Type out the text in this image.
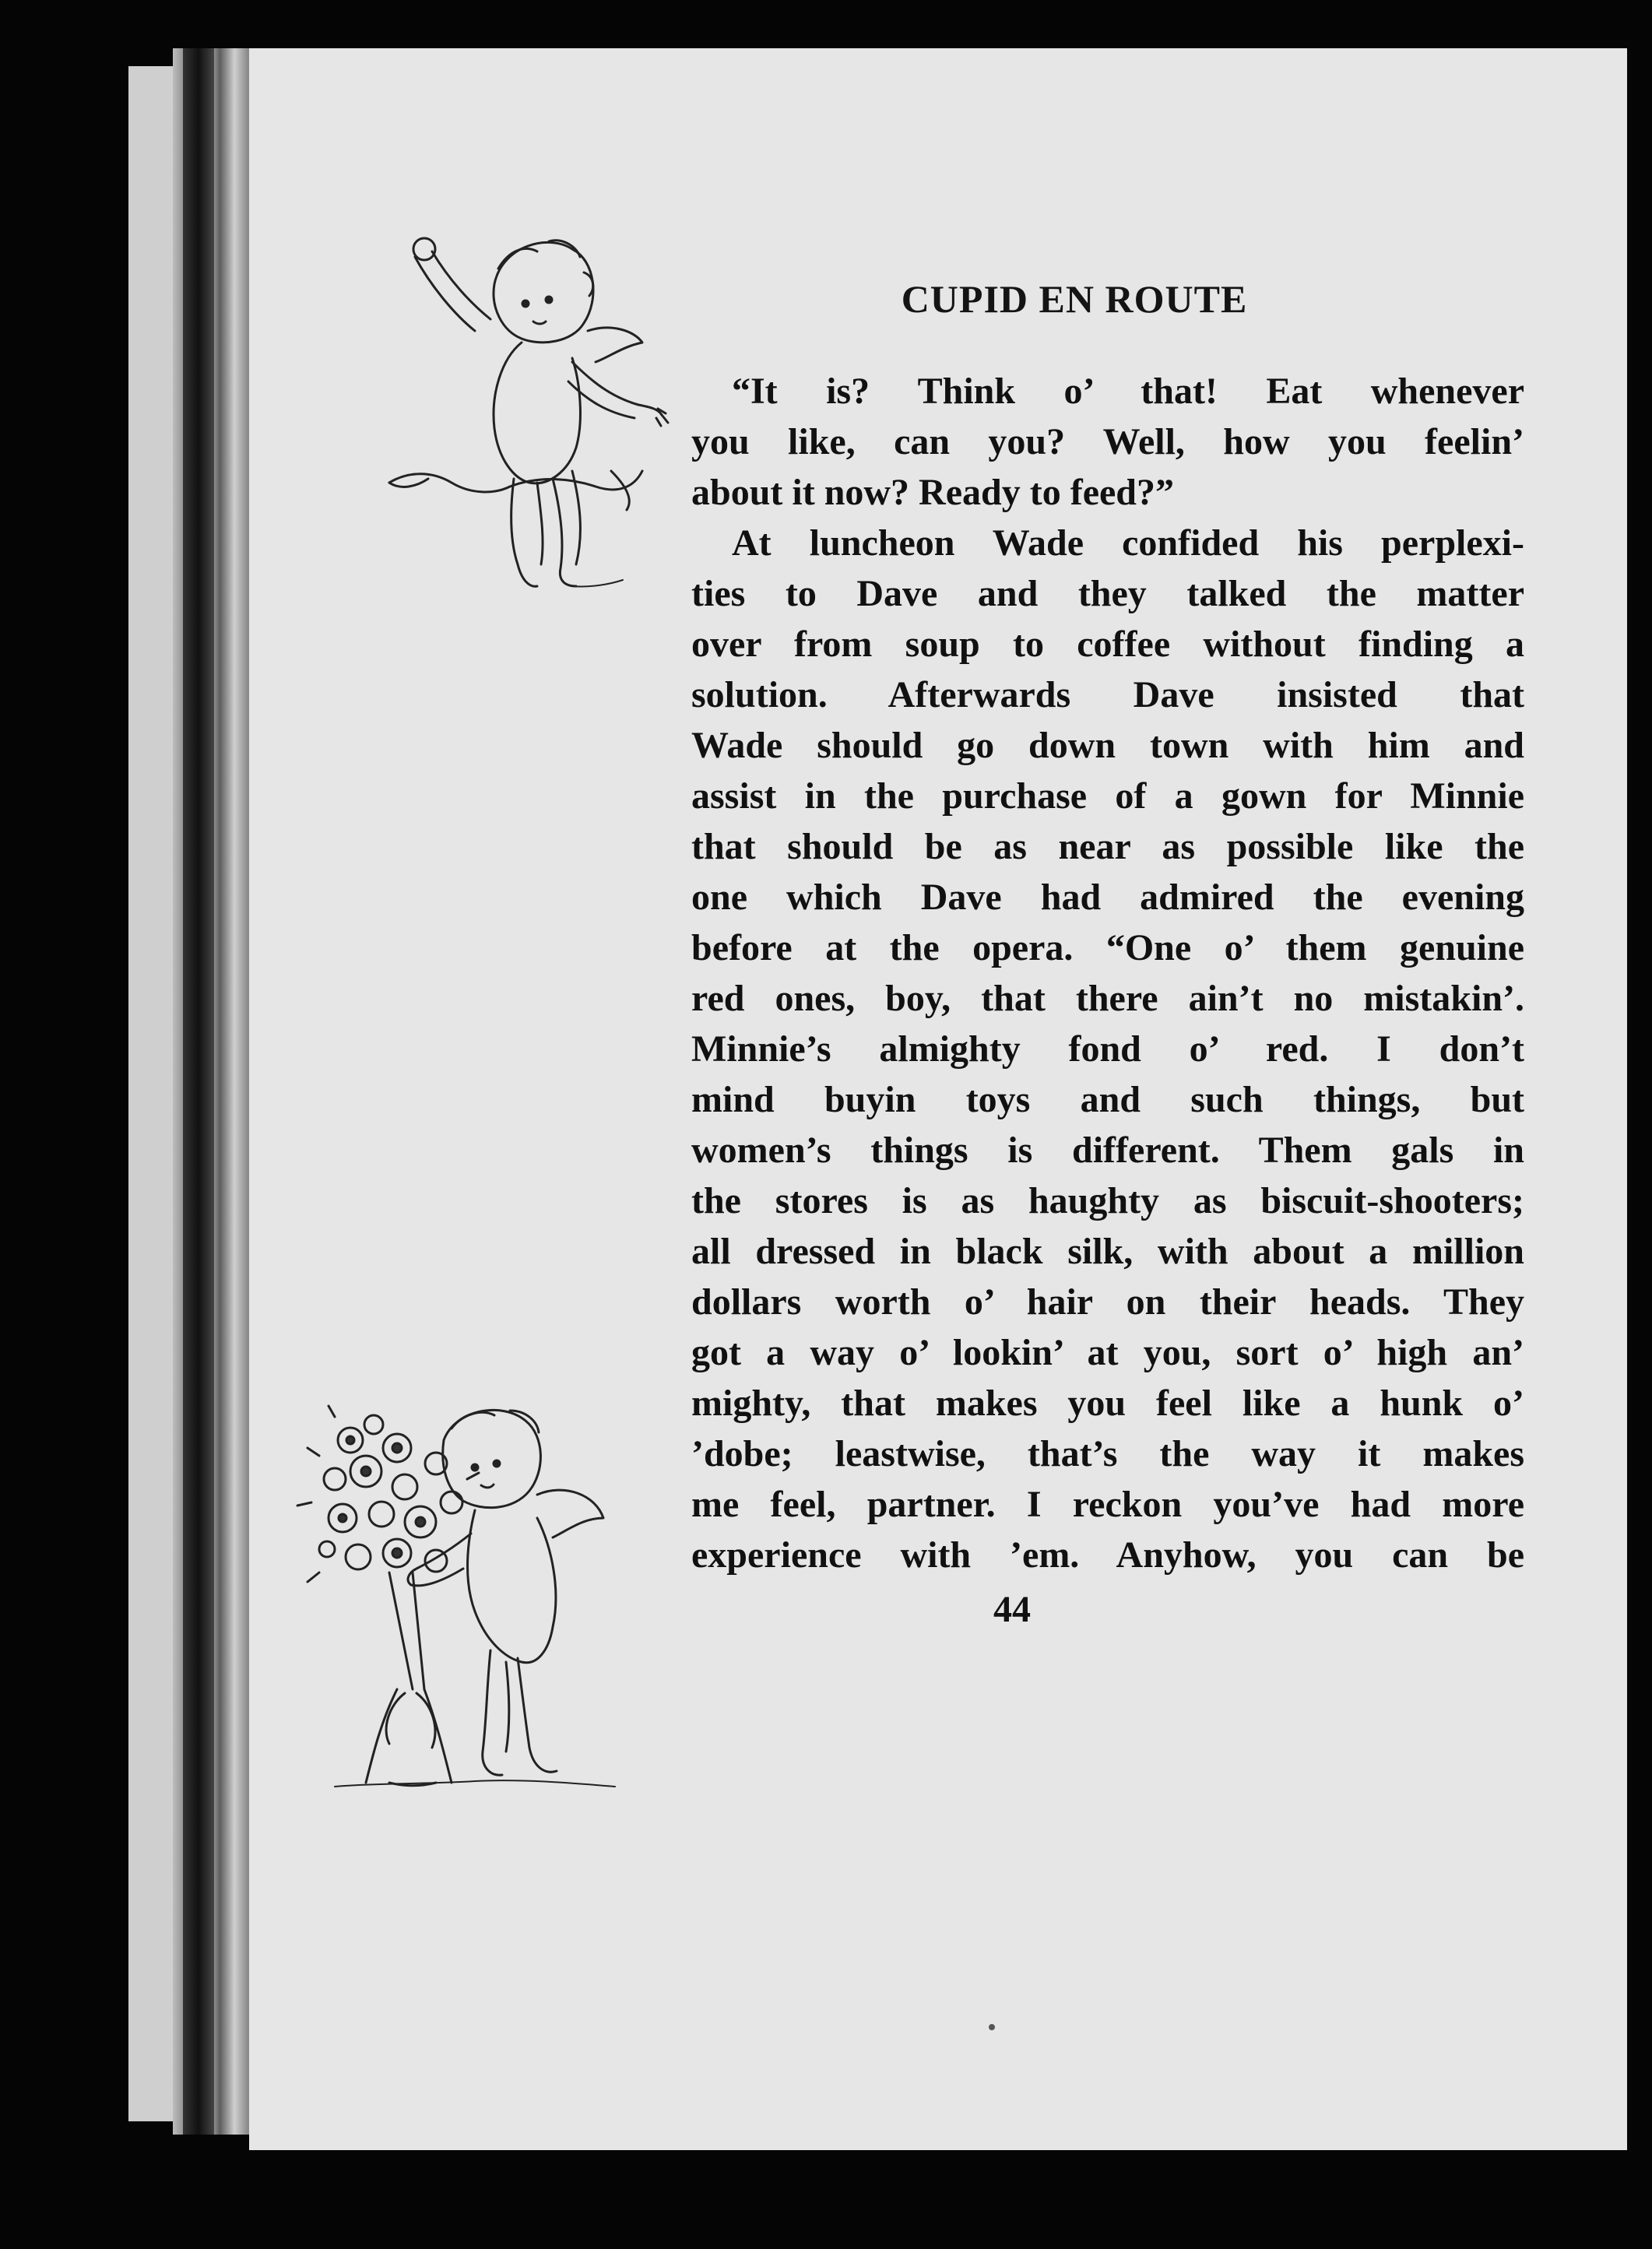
CUPID EN ROUTE
“It is? Think o’ that! Eat whenever
you like, can you? Well, how you feelin’
about it now? Ready to feed?”
At luncheon Wade confided his perplexi-
ties to Dave and they talked the matter
over from soup to coffee without finding a
solution. Afterwards Dave insisted that
Wade should go down town with him and
assist in the purchase of a gown for Minnie
that should be as near as possible like the
one which Dave had admired the evening
before at the opera. “One o’ them genuine
red ones, boy, that there ain’t no mistakin’.
Minnie’s almighty fond o’ red. I don’t
mind buyin toys and such things, but
women’s things is different. Them gals in
the stores is as haughty as biscuit-shooters;
all dressed in black silk, with about a million
dollars worth o’ hair on their heads. They
got a way o’ lookin’ at you, sort o’ high an’
mighty, that makes you feel like a hunk o’
’dobe; leastwise, that’s the way it makes
me feel, partner. I reckon you’ve had more
experience with ’em. Anyhow, you can be
44
